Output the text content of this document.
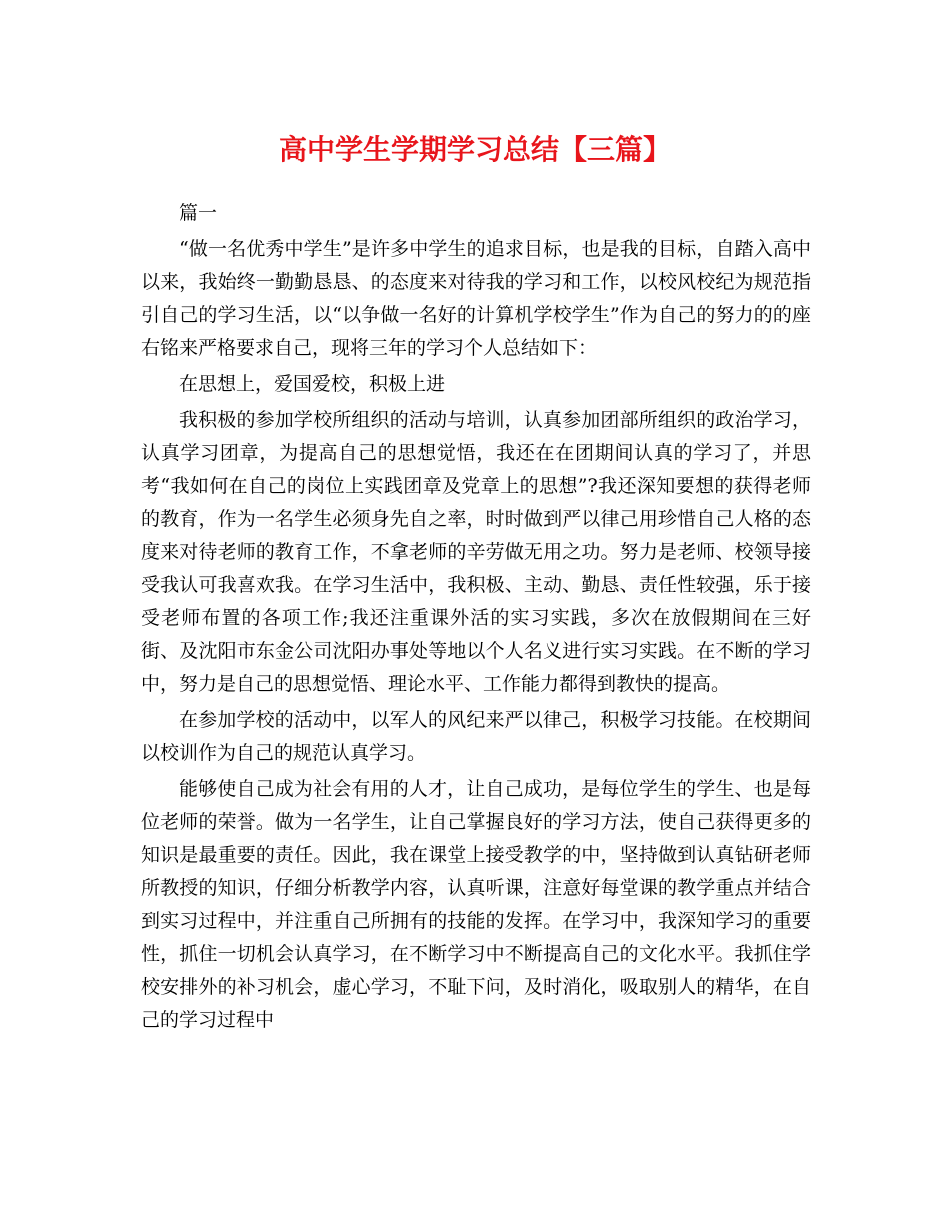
高中学生学期学习总结【三篇】

篇一

“做一名优秀中学生”是许多中学生的追求目标，也是我的目标，自踏入高中以来，我始终一勤勤恳恳、的态度来对待我的学习和工作，以校风校纪为规范指引自己的学习生活，以“以争做一名好的计算机学校学生”作为自己的努力的的座右铭来严格要求自己，现将三年的学习个人总结如下：

在思想上，爱国爱校，积极上进

我积极的参加学校所组织的活动与培训，认真参加团部所组织的政治学习，认真学习团章，为提高自己的思想觉悟，我还在在团期间认真的学习了，并思考“我如何在自己的岗位上实践团章及党章上的思想”?我还深知要想的获得老师的教育，作为一名学生必须身先自之率，时时做到严以律己用珍惜自己人格的态度来对待老师的教育工作，不拿老师的辛劳做无用之功。努力是老师、校领导接受我认可我喜欢我。在学习生活中，我积极、主动、勤恳、责任性较强，乐于接受老师布置的各项工作;我还注重课外活的实习实践，多次在放假期间在三好街、及沈阳市东金公司沈阳办事处等地以个人名义进行实习实践。在不断的学习中，努力是自己的思想觉悟、理论水平、工作能力都得到教快的提高。

在参加学校的活动中，以军人的风纪来严以律己，积极学习技能。在校期间以校训作为自己的规范认真学习。

能够使自己成为社会有用的人才，让自己成功，是每位学生的学生、也是每位老师的荣誉。做为一名学生，让自己掌握良好的学习方法，使自己获得更多的知识是最重要的责任。因此，我在课堂上接受教学的中，坚持做到认真钻研老师所教授的知识，仔细分析教学内容，认真听课，注意好每堂课的教学重点并结合到实习过程中，并注重自己所拥有的技能的发挥。在学习中，我深知学习的重要性，抓住一切机会认真学习，在不断学习中不断提高自己的文化水平。我抓住学校安排外的补习机会，虚心学习，不耻下问，及时消化，吸取别人的精华，在自己的学习过程中
